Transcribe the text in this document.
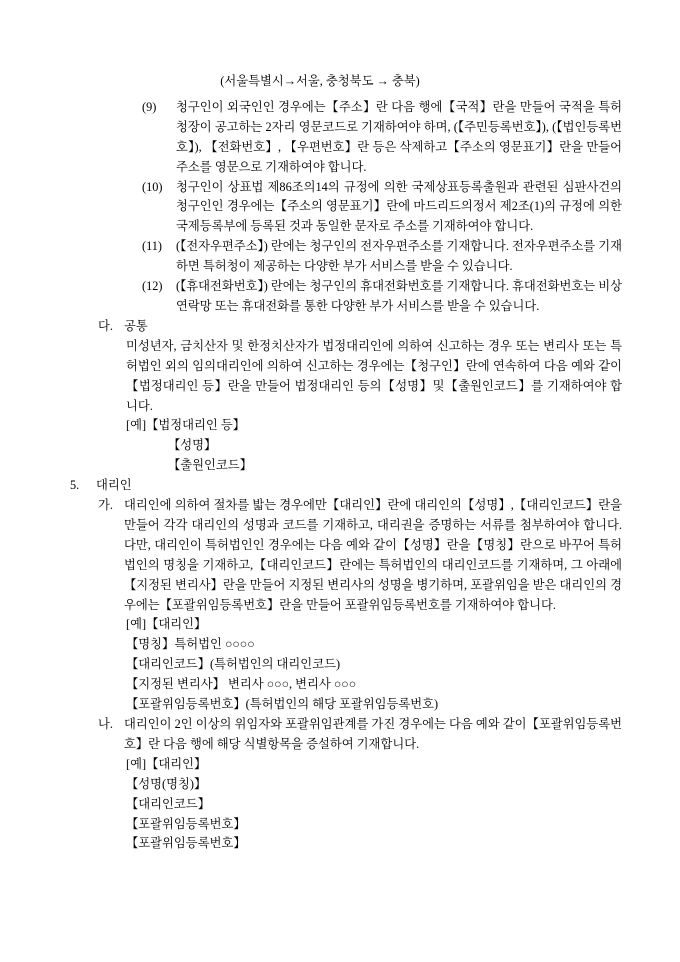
(서울특별시→서울, 충청북도 → 충북)
(9)	청구인이 외국인인 경우에는【주소】란 다음 행에【국적】란을 만들어 국적을 특허청장이 공고하는 2자리 영문코드로 기재하여야 하며, (【주민등록번호】), (【법인등록번호】), 【전화번호】, 【우편번호】란 등은 삭제하고【주소의 영문표기】란을 만들어 주소를 영문으로 기재하여야 합니다.
(10)	청구인이 상표법 제86조의14의 규정에 의한 국제상표등록출원과 관련된 심판사건의 청구인인 경우에는【주소의 영문표기】란에 마드리드의정서 제2조(1)의 규정에 의한 국제등록부에 등록된 것과 동일한 문자로 주소를 기재하여야 합니다.
(11)	(【전자우편주소】) 란에는 청구인의 전자우편주소를 기재합니다. 전자우편주소를 기재하면 특허청이 제공하는 다양한 부가 서비스를 받을 수 있습니다.
(12)	(【휴대전화번호】) 란에는 청구인의 휴대전화번호를 기재합니다. 휴대전화번호는 비상연락망 또는 휴대전화를 통한 다양한 부가 서비스를 받을 수 있습니다.
다. 공통
미성년자, 금치산자 및 한정치산자가 법정대리인에 의하여 신고하는 경우 또는 변리사 또는 특허법인 외의 임의대리인에 의하여 신고하는 경우에는【청구인】란에 연속하여 다음 예와 같이【법정대리인 등】란을 만들어 법정대리인 등의【성명】및【출원인코드】를 기재하여야 합니다.
[예]【법정대리인 등】
【성명】
【출원인코드】
5.	대리인
가. 대리인에 의하여 절차를 밟는 경우에만【대리인】란에 대리인의【성명】,【대리인코드】란을 만들어 각각 대리인의 성명과 코드를 기재하고, 대리권을 증명하는 서류를 첨부하여야 합니다. 다만, 대리인이 특허법인인 경우에는 다음 예와 같이【성명】란을【명칭】란으로 바꾸어 특허법인의 명칭을 기재하고,【대리인코드】란에는 특허법인의 대리인코드를 기재하며, 그 아래에【지정된 변리사】란을 만들어 지정된 변리사의 성명을 병기하며, 포괄위임을 받은 대리인의 경우에는【포괄위임등록번호】란을 만들어 포괄위임등록번호를 기재하여야 합니다.
[예]【대리인】
【명칭】특허법인 ○○○○
【대리인코드】(특허법인의 대리인코드)
【지정된 변리사】 변리사 ○○○, 변리사 ○○○
【포괄위임등록번호】(특허법인의 해당 포괄위임등록번호)
나. 대리인이 2인 이상의 위임자와 포괄위임관계를 가진 경우에는 다음 예와 같이【포괄위임등록번호】란 다음 행에 해당 식별항목을 증설하여 기재합니다.
[예]【대리인】
【성명(명칭)】
【대리인코드】
【포괄위임등록번호】
【포괄위임등록번호】
